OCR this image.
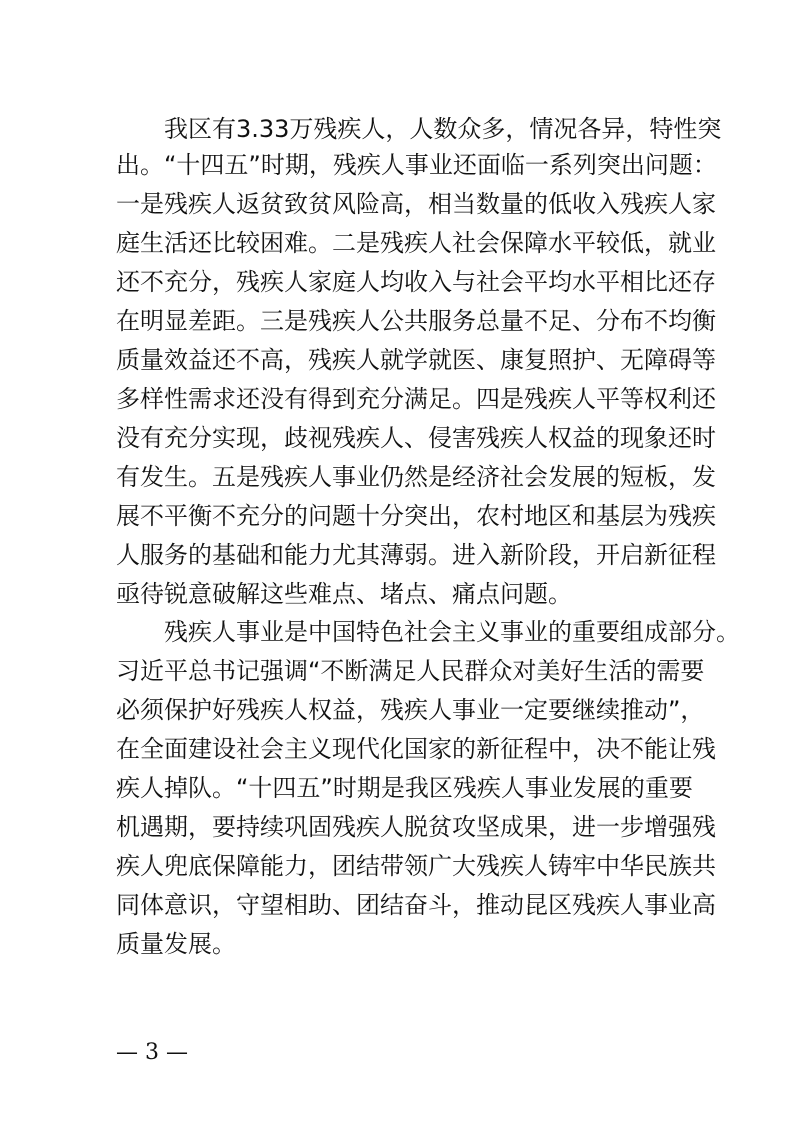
我区有3.33万残疾人，人数众多，情况各异，特性突
出。“十四五”时期，残疾人事业还面临一系列突出问题：
一是残疾人返贫致贫风险高，相当数量的低收入残疾人家
庭生活还比较困难。二是残疾人社会保障水平较低，就业
还不充分，残疾人家庭人均收入与社会平均水平相比还存
在明显差距。三是残疾人公共服务总量不足、分布不均衡
质量效益还不高，残疾人就学就医、康复照护、无障碍等
多样性需求还没有得到充分满足。四是残疾人平等权利还
没有充分实现，歧视残疾人、侵害残疾人权益的现象还时
有发生。五是残疾人事业仍然是经济社会发展的短板，发
展不平衡不充分的问题十分突出，农村地区和基层为残疾
人服务的基础和能力尤其薄弱。进入新阶段，开启新征程
亟待锐意破解这些难点、堵点、痛点问题。
残疾人事业是中国特色社会主义事业的重要组成部分。
习近平总书记强调“不断满足人民群众对美好生活的需要
必须保护好残疾人权益，残疾人事业一定要继续推动”，
在全面建设社会主义现代化国家的新征程中，决不能让残
疾人掉队。“十四五”时期是我区残疾人事业发展的重要
机遇期，要持续巩固残疾人脱贫攻坚成果，进一步增强残
疾人兜底保障能力，团结带领广大残疾人铸牢中华民族共
同体意识，守望相助、团结奋斗，推动昆区残疾人事业高
质量发展。
— 3 —
